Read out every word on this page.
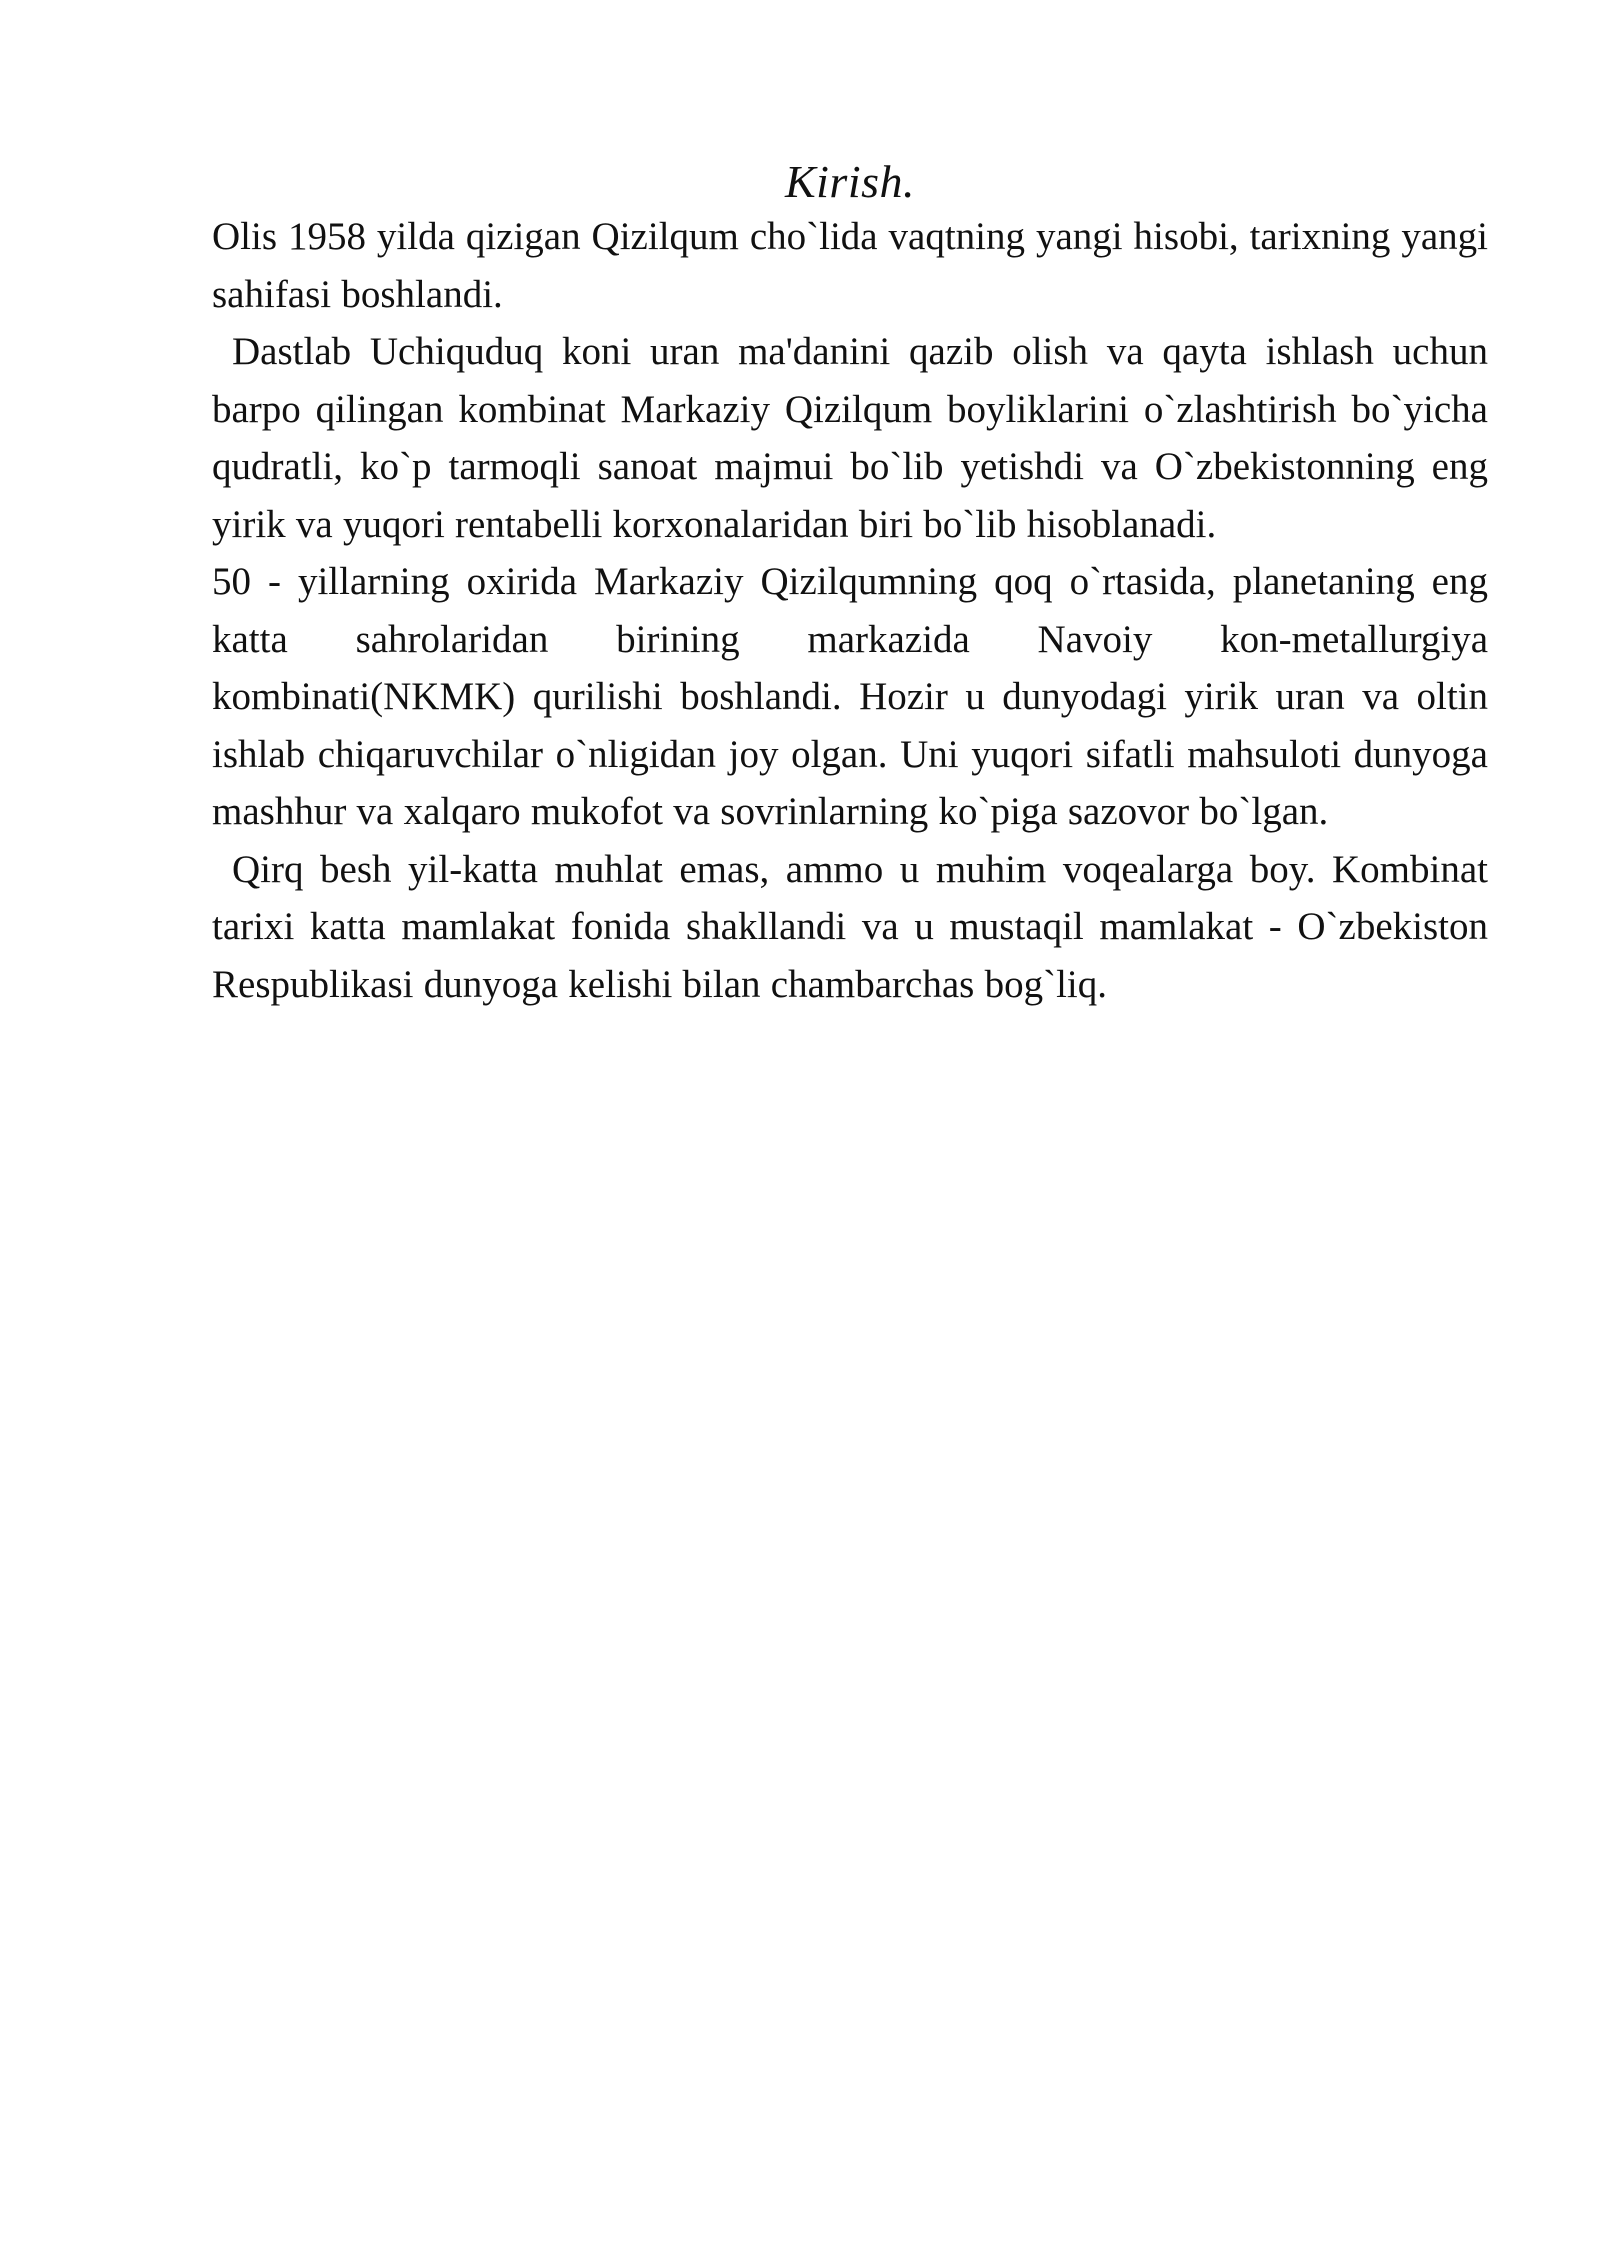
Kirish.

Olis 1958 yilda qizigan Qizilqum cho`lida vaqtning yangi hisobi, tarixning yangi sahifasi boshlandi.

Dastlab Uchiquduq koni uran ma'danini qazib olish va qayta ishlash uchun barpo qilingan kombinat Markaziy Qizilqum boyliklarini o`zlashtirish bo`yicha qudratli, ko`p tarmoqli sanoat majmui bo`lib yetishdi va O`zbekistonning eng yirik va yuqori rentabelli korxonalaridan biri bo`lib hisoblanadi.

50 - yillarning oxirida Markaziy Qizilqumning qoq o`rtasida, planetaning eng katta sahrolaridan birining markazida Navoiy kon-metallurgiya kombinati(NKMK) qurilishi boshlandi. Hozir u dunyodagi yirik uran va oltin ishlab chiqaruvchilar o`nligidan joy olgan. Uni yuqori sifatli mahsuloti dunyoga mashhur va xalqaro mukofot va sovrinlarning ko`piga sazovor bo`lgan.

Qirq besh yil-katta muhlat emas, ammo u muhim voqealarga boy. Kombinat tarixi katta mamlakat fonida shakllandi va u mustaqil mamlakat - O`zbekiston Respublikasi dunyoga kelishi bilan chambarchas bog`liq.
